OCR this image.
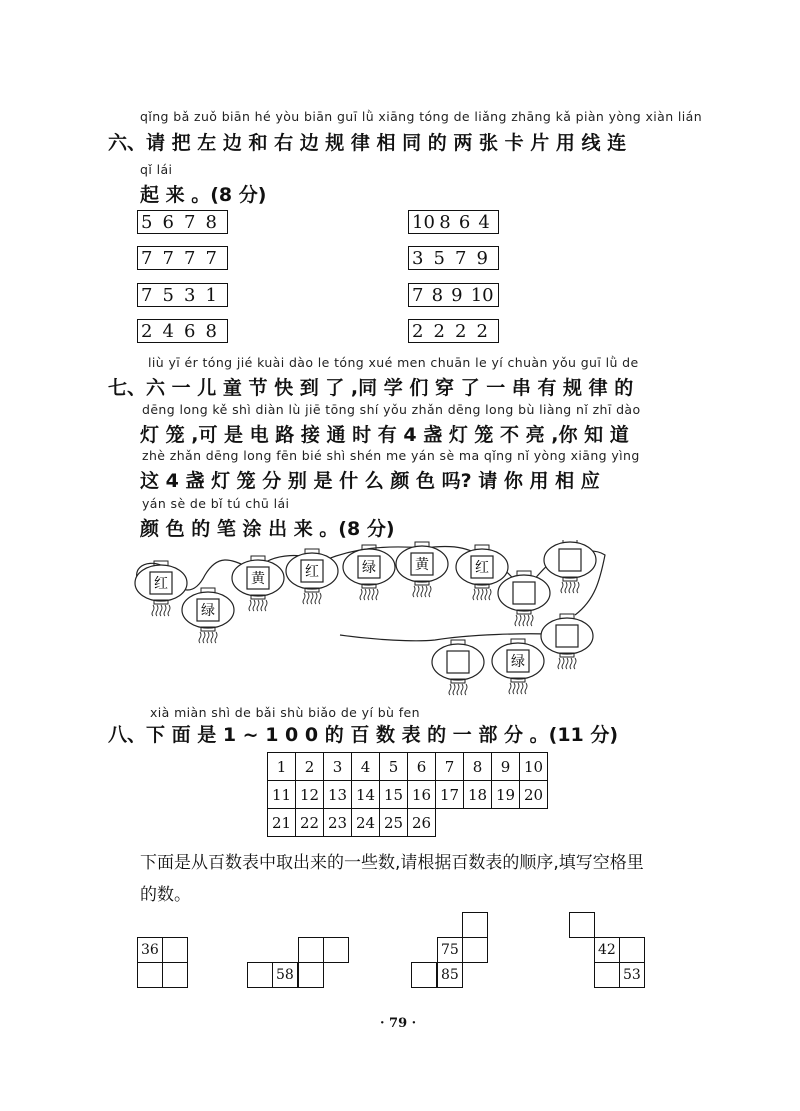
qǐng bǎ zuǒ biān hé yòu biān guī lǜ xiāng tóng de liǎng zhāng kǎ piàn yòng xiàn lián
六、请 把 左 边 和 右 边 规 律 相 同 的 两 张 卡 片 用 线 连
qǐ lái
起 来 。(8 分)
5 6 7 8
7 7 7 7
7 5 3 1
2 4 6 8
10 8 6 4
3 5 7 9
7 8 9 10
2 2 2 2
liù yī ér tóng jié kuài dào le tóng xué men chuān le yí chuàn yǒu guī lǜ de
七、六 一 儿 童 节 快 到 了 ,同 学 们 穿 了 一 串 有 规 律 的
dēng long kě shì diàn lù jiē tōng shí yǒu zhǎn dēng long bù liàng nǐ zhī dào
灯 笼 ,可 是 电 路 接 通 时 有 4 盏 灯 笼 不 亮 ,你 知 道
zhè zhǎn dēng long fēn bié shì shén me yán sè ma qǐng nǐ yòng xiāng yìng
这 4 盏 灯 笼 分 别 是 什 么 颜 色 吗? 请 你 用 相 应
yán sè de bǐ tú chū lái
颜 色 的 笔 涂 出 来 。(8 分)
红
绿
黄	红	绿	黄	红
绿
xià miàn shì de bǎi shù biǎo de yí bù fen
八、下 面 是 1 ~ 1 0 0 的 百 数 表 的 一 部 分 。(11 分)
1	2	3	4	5	6	7	8	9	10
11	12	13	14	15	16	17	18	19	20
21	22	23	24	25	26				
下面是从百数表中取出来的一些数,请根据百数表的顺序,填写空格里
的数。
36
58
75
85
42
53
· 79 ·
